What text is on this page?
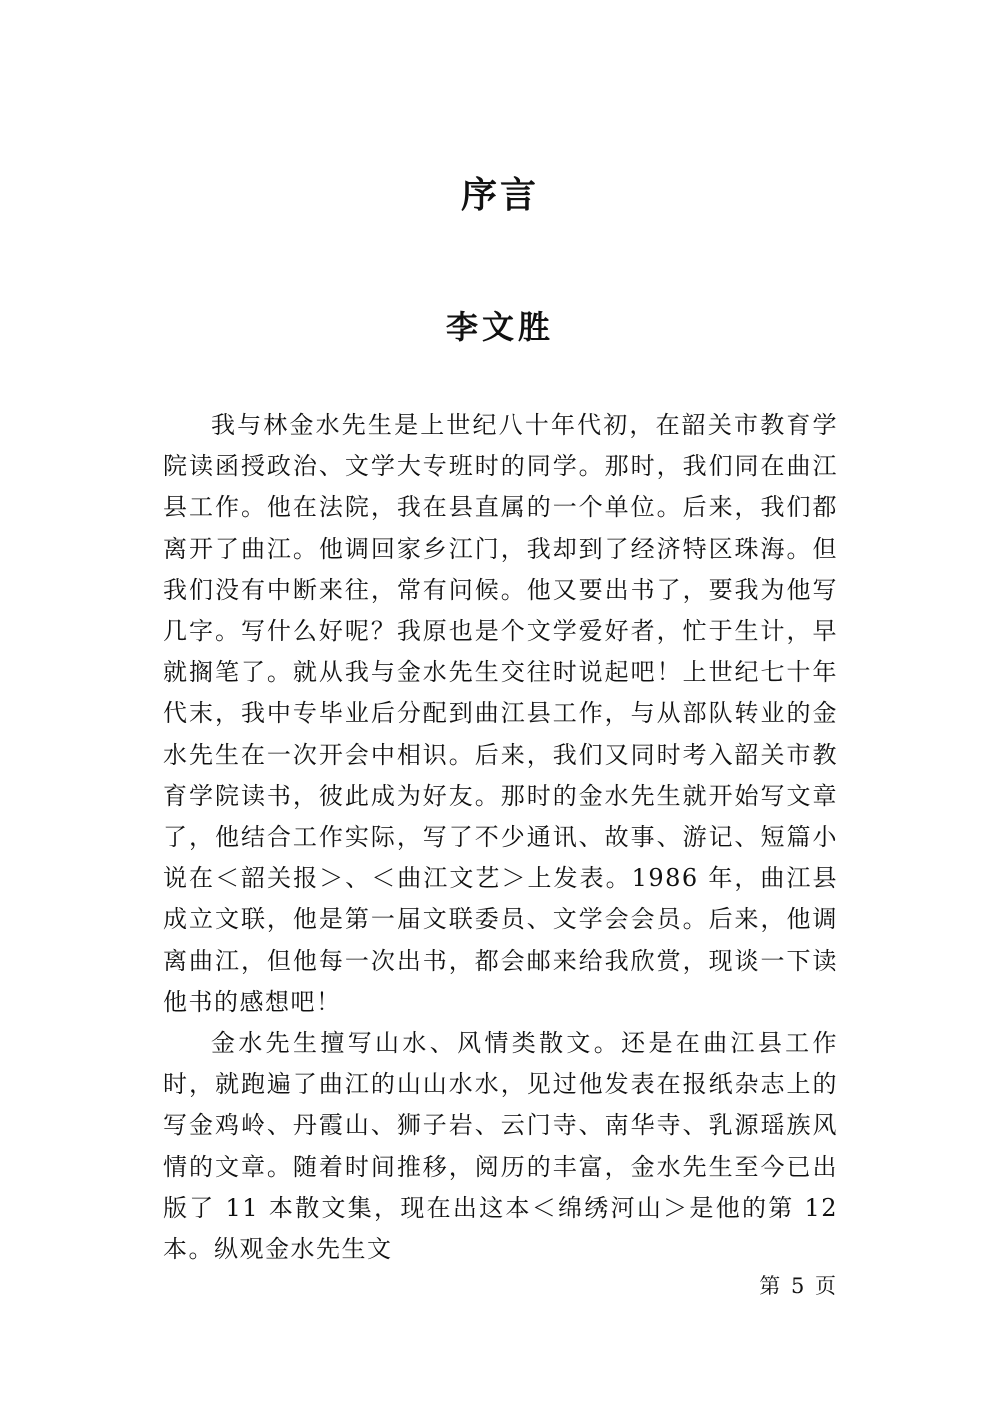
序言
李文胜

我与林金水先生是上世纪八十年代初，在韶关市教育学院读函授政治、文学大专班时的同学。那时，我们同在曲江县工作。他在法院，我在县直属的一个单位。后来，我们都离开了曲江。他调回家乡江门，我却到了经济特区珠海。但我们没有中断来往，常有问候。他又要出书了，要我为他写几字。写什么好呢？我原也是个文学爱好者，忙于生计，早就搁笔了。就从我与金水先生交往时说起吧！上世纪七十年代末，我中专毕业后分配到曲江县工作，与从部队转业的金水先生在一次开会中相识。后来，我们又同时考入韶关市教育学院读书，彼此成为好友。那时的金水先生就开始写文章了，他结合工作实际，写了不少通讯、故事、游记、短篇小说在＜韶关报＞、＜曲江文艺＞上发表。1986 年，曲江县成立文联，他是第一届文联委员、文学会会员。后来，他调离曲江，但他每一次出书，都会邮来给我欣赏，现谈一下读他书的感想吧！

金水先生擅写山水、风情类散文。还是在曲江县工作时，就跑遍了曲江的山山水水，见过他发表在报纸杂志上的写金鸡岭、丹霞山、狮子岩、云门寺、南华寺、乳源瑶族风情的文章。随着时间推移，阅历的丰富，金水先生至今已出版了 11 本散文集，现在出这本＜绵绣河山＞是他的第 12 本。纵观金水先生文

第 5 页
